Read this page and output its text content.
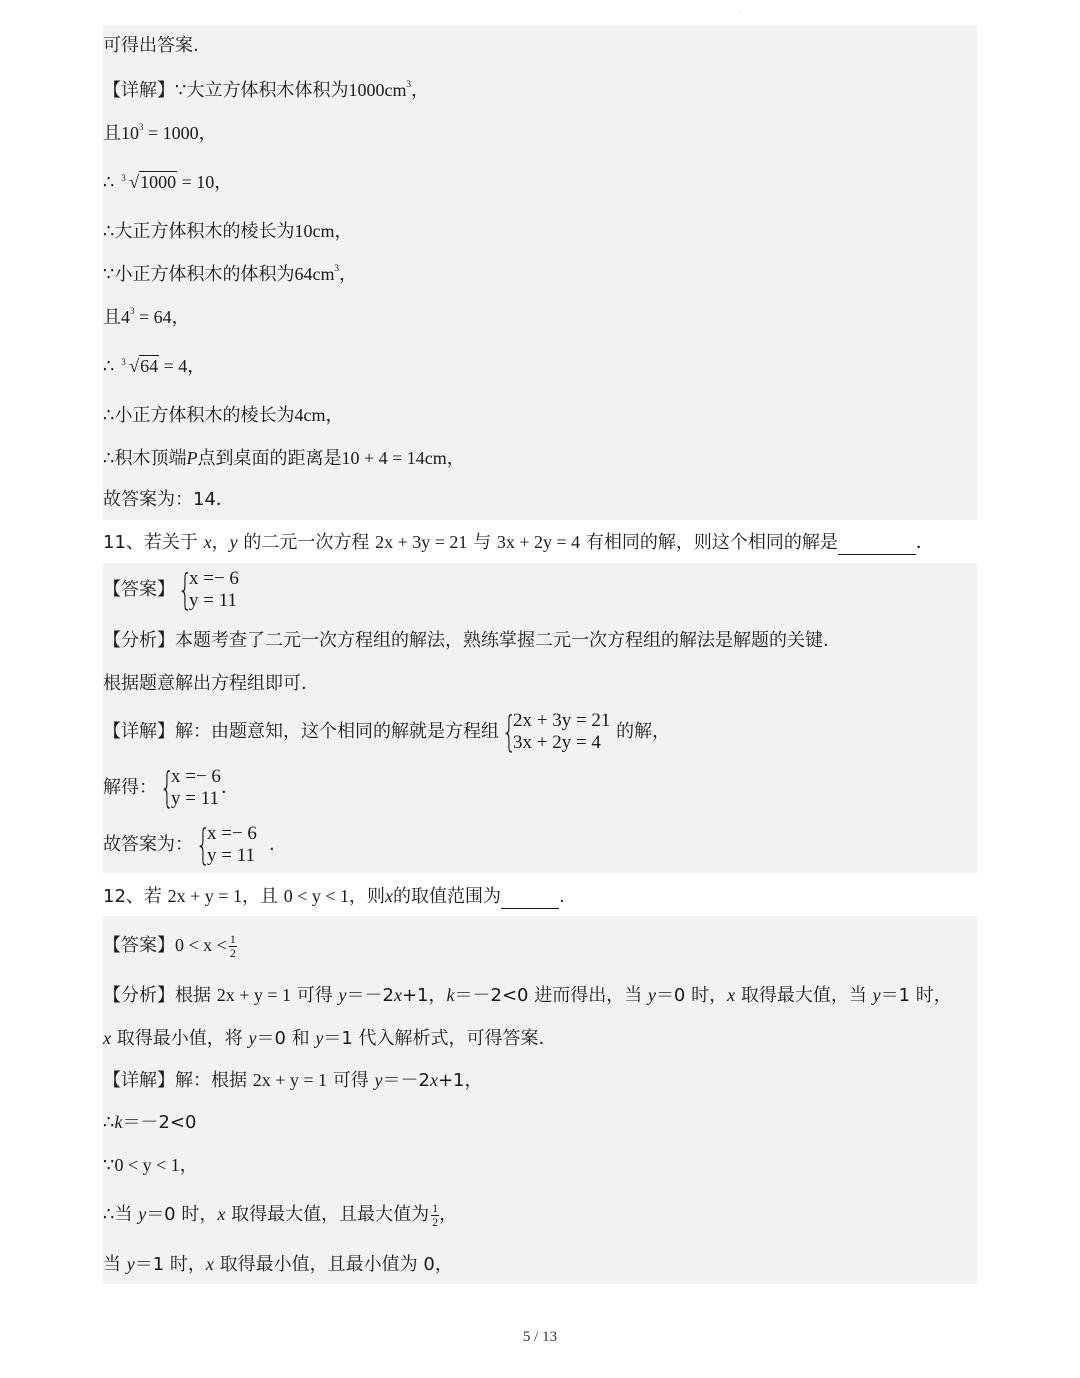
:
可得出答案.
【详解】∵大立方体积木体积为$1000cm^3$，
且$10^3 = 1000$，
∴ 3 √1000 = 10，
∴大正方体积木的棱长为10cm，
∵小正方体积木的体积为$64cm^3$，
且$4^3 = 64$，
∴ 3 √64 = 4，
∴小正方体积木的棱长为4cm，
∴积木顶端P点到桌面的距离是10 + 4 = 14cm，
故答案为：14．
11、若关于 x，y 的二元一次方程 2x + 3y = 21 与 3x + 2y = 4 有相同的解，则这个相同的解是	．
【答案】 {
x =− 6
y = 11
【分析】本题考查了二元一次方程组的解法，熟练掌握二元一次方程组的解法是解题的关键.
根据题意解出方程组即可.
【详解】解：由题意知，这个相同的解就是方程组 {
2x + 3y = 21
3x + 2y = 4
的解，
解得： {
x =− 6
y = 11
.
故答案为： {
x =− 6
y = 11
.
12、若 2x + y = 1，且 0 < y < 1，则x的取值范围为	.
【答案】$0 < x < \frac{1}{2}$
【分析】根据 2x + y = 1 可得 y＝－2x+1，k＝－2<0 进而得出，当 y＝0 时，x 取得最大值，当 y＝1 时，
x 取得最小值，将 y＝0 和 y＝1 代入解析式，可得答案.
【详解】解：根据 2x + y = 1 可得 y＝－2x+1，
∴k＝－2<0
∵0 < y < 1，
∴当 y＝0 时，x 取得最大值，且最大值为 $\frac{1}{2}$ ，
当 y＝1 时，x 取得最小值，且最小值为 0，
5 / 13
